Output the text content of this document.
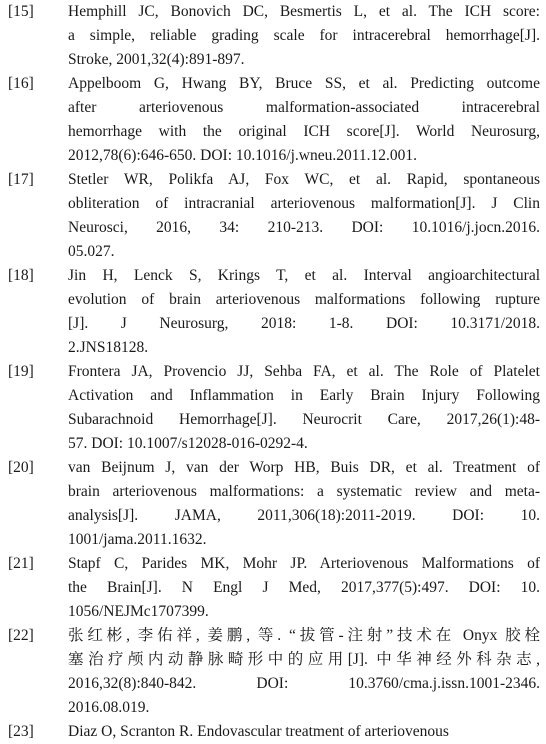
[15]	Hemphill JC, Bonovich DC, Besmertis L, et al. The ICH score:
a simple, reliable grading scale for intracerebral hemorrhage[J].
Stroke, 2001,32(4):891-897.
[16]	Appelboom G, Hwang BY, Bruce SS, et al. Predicting outcome
after arteriovenous malformation-associated intracerebral
hemorrhage with the original ICH score[J]. World Neurosurg,
2012,78(6):646-650. DOI: 10.1016/j.wneu.2011.12.001.
[17]	Stetler WR, Polikfa AJ, Fox WC, et al. Rapid, spontaneous
obliteration of intracranial arteriovenous malformation[J]. J Clin
Neurosci, 2016, 34: 210-213. DOI: 10.1016/j.jocn.2016.
05.027.
[18]	Jin H, Lenck S, Krings T, et al. Interval angioarchitectural
evolution of brain arteriovenous malformations following rupture
[J]. J Neurosurg, 2018: 1-8. DOI: 10.3171/2018.
2.JNS18128.
[19]	Frontera JA, Provencio JJ, Sehba FA, et al. The Role of Platelet
Activation and Inflammation in Early Brain Injury Following
Subarachnoid Hemorrhage[J]. Neurocrit Care, 2017,26(1):48-
57. DOI: 10.1007/s12028-016-0292-4.
[20]	van Beijnum J, van der Worp HB, Buis DR, et al. Treatment of
brain arteriovenous malformations: a systematic review and meta-
analysis[J]. JAMA, 2011,306(18):2011-2019. DOI: 10.
1001/jama.2011.1632.
[21]	Stapf C, Parides MK, Mohr JP. Arteriovenous Malformations of
the Brain[J]. N Engl J Med, 2017,377(5):497. DOI: 10.
1056/NEJMc1707399.
[22]	张红彬, 李佑祥, 姜鹏, 等. “拔管-注射”技术在 Onyx 胶栓
塞治疗颅内动静脉畸形中的应用[J]. 中华神经外科杂志,
2016,32(8):840-842. DOI: 10.3760/cma.j.issn.1001-2346.
2016.08.019.
[23]	Diaz O, Scranton R. Endovascular treatment of arteriovenous
